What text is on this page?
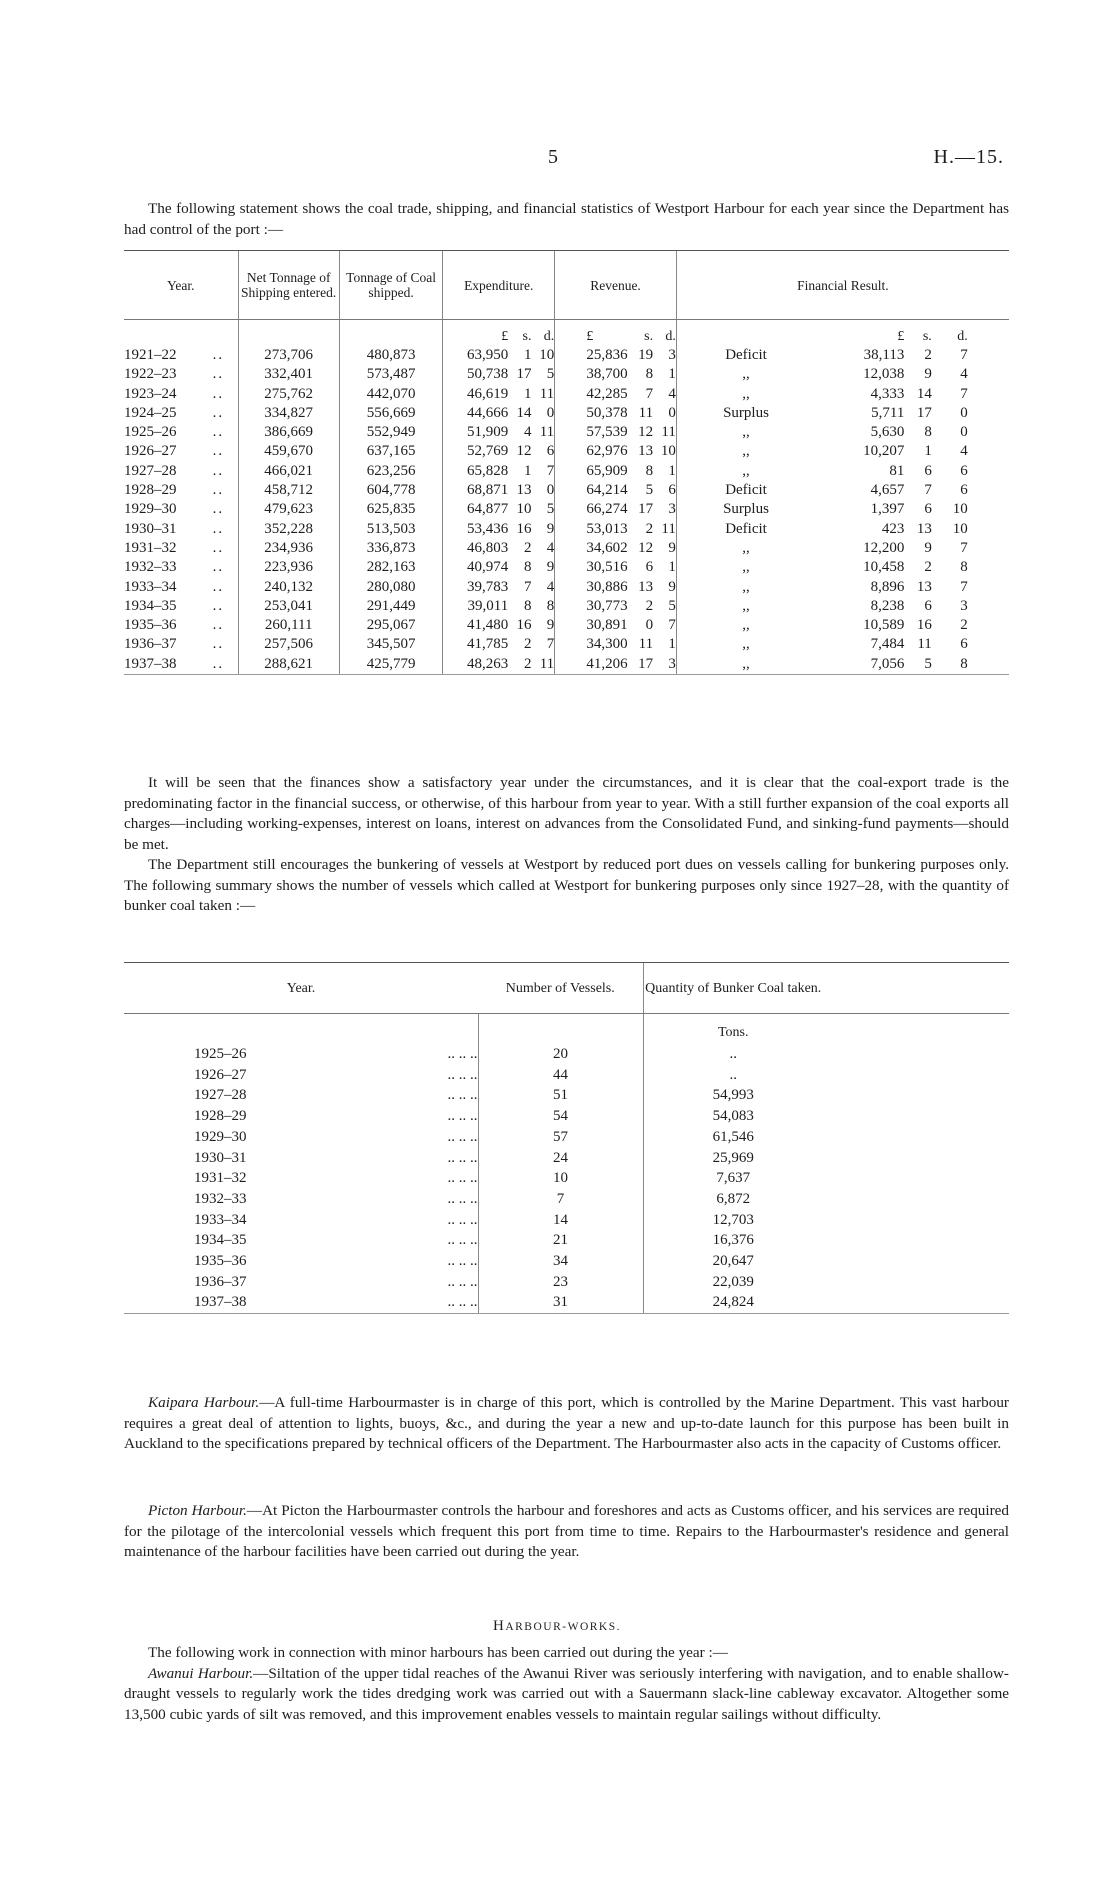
5	H.—15.

The following statement shows the coal trade, shipping, and financial statistics of Westport Harbour for each year since the Department has had control of the port :—

Year.		Net Tonnage of Shipping entered.	Tonnage of Coal shipped.	Expenditure.			Revenue.				Financial Result.					
				£	s.	d.		£	s.	d.			£	s.	d.	
1921–22	..	273,706	480,873	63,950	1	10		25,836	19	3		Deficit	38,113	2	7	
1922–23	..	332,401	573,487	50,738	17	5		38,700	8	1		,,	12,038	9	4	
1923–24	..	275,762	442,070	46,619	1	11		42,285	7	4		,,	4,333	14	7	
1924–25	..	334,827	556,669	44,666	14	0		50,378	11	0		Surplus	5,711	17	0	
1925–26	..	386,669	552,949	51,909	4	11		57,539	12	11		,,	5,630	8	0	
1926–27	..	459,670	637,165	52,769	12	6		62,976	13	10		,,	10,207	1	4	
1927–28	..	466,021	623,256	65,828	1	7		65,909	8	1		,,	81	6	6	
1928–29	..	458,712	604,778	68,871	13	0		64,214	5	6		Deficit	4,657	7	6	
1929–30	..	479,623	625,835	64,877	10	5		66,274	17	3		Surplus	1,397	6	10	
1930–31	..	352,228	513,503	53,436	16	9		53,013	2	11		Deficit	423	13	10	
1931–32	..	234,936	336,873	46,803	2	4		34,602	12	9		,,	12,200	9	7	
1932–33	..	223,936	282,163	40,974	8	9		30,516	6	1		,,	10,458	2	8	
1933–34	..	240,132	280,080	39,783	7	4		30,886	13	9		,,	8,896	13	7	
1934–35	..	253,041	291,449	39,011	8	8		30,773	2	5		,,	8,238	6	3	
1935–36	..	260,111	295,067	41,480	16	9		30,891	0	7		,,	10,589	16	2	
1936–37	..	257,506	345,507	41,785	2	7		34,300	11	1		,,	7,484	11	6	
1937–38	..	288,621	425,779	48,263	2	11		41,206	17	3		,,	7,056	5	8	

It will be seen that the finances show a satisfactory year under the circumstances, and it is clear that the coal-export trade is the predominating factor in the financial success, or otherwise, of this harbour from year to year. With a still further expansion of the coal exports all charges—including working-expenses, interest on loans, interest on advances from the Consolidated Fund, and sinking-fund payments—should be met.

The Department still encourages the bunkering of vessels at Westport by reduced port dues on vessels calling for bunkering purposes only. The following summary shows the number of vessels which called at Westport for bunkering purposes only since 1927–28, with the quantity of bunker coal taken :—

Year.			Number of Vessels.	Quantity of Bunker Coal taken.	
				Tons.	
	1925–26	.. .. ..	20	..	
	1926–27	.. .. ..	44	..	
	1927–28	.. .. ..	51	54,993	
	1928–29	.. .. ..	54	54,083	
	1929–30	.. .. ..	57	61,546	
	1930–31	.. .. ..	24	25,969	
	1931–32	.. .. ..	10	7,637	
	1932–33	.. .. ..	7	6,872	
	1933–34	.. .. ..	14	12,703	
	1934–35	.. .. ..	21	16,376	
	1935–36	.. .. ..	34	20,647	
	1936–37	.. .. ..	23	22,039	
	1937–38	.. .. ..	31	24,824	

Kaipara Harbour.—A full-time Harbourmaster is in charge of this port, which is controlled by the Marine Department. This vast harbour requires a great deal of attention to lights, buoys, &c., and during the year a new and up-to-date launch for this purpose has been built in Auckland to the specifications prepared by technical officers of the Department. The Harbourmaster also acts in the capacity of Customs officer.

Picton Harbour.—At Picton the Harbourmaster controls the harbour and foreshores and acts as Customs officer, and his services are required for the pilotage of the intercolonial vessels which frequent this port from time to time. Repairs to the Harbourmaster's residence and general maintenance of the harbour facilities have been carried out during the year.

HARBOUR-WORKS.

The following work in connection with minor harbours has been carried out during the year :—

Awanui Harbour.—Siltation of the upper tidal reaches of the Awanui River was seriously interfering with navigation, and to enable shallow-draught vessels to regularly work the tides dredging work was carried out with a Sauermann slack-line cableway excavator. Altogether some 13,500 cubic yards of silt was removed, and this improvement enables vessels to maintain regular sailings without difficulty.
